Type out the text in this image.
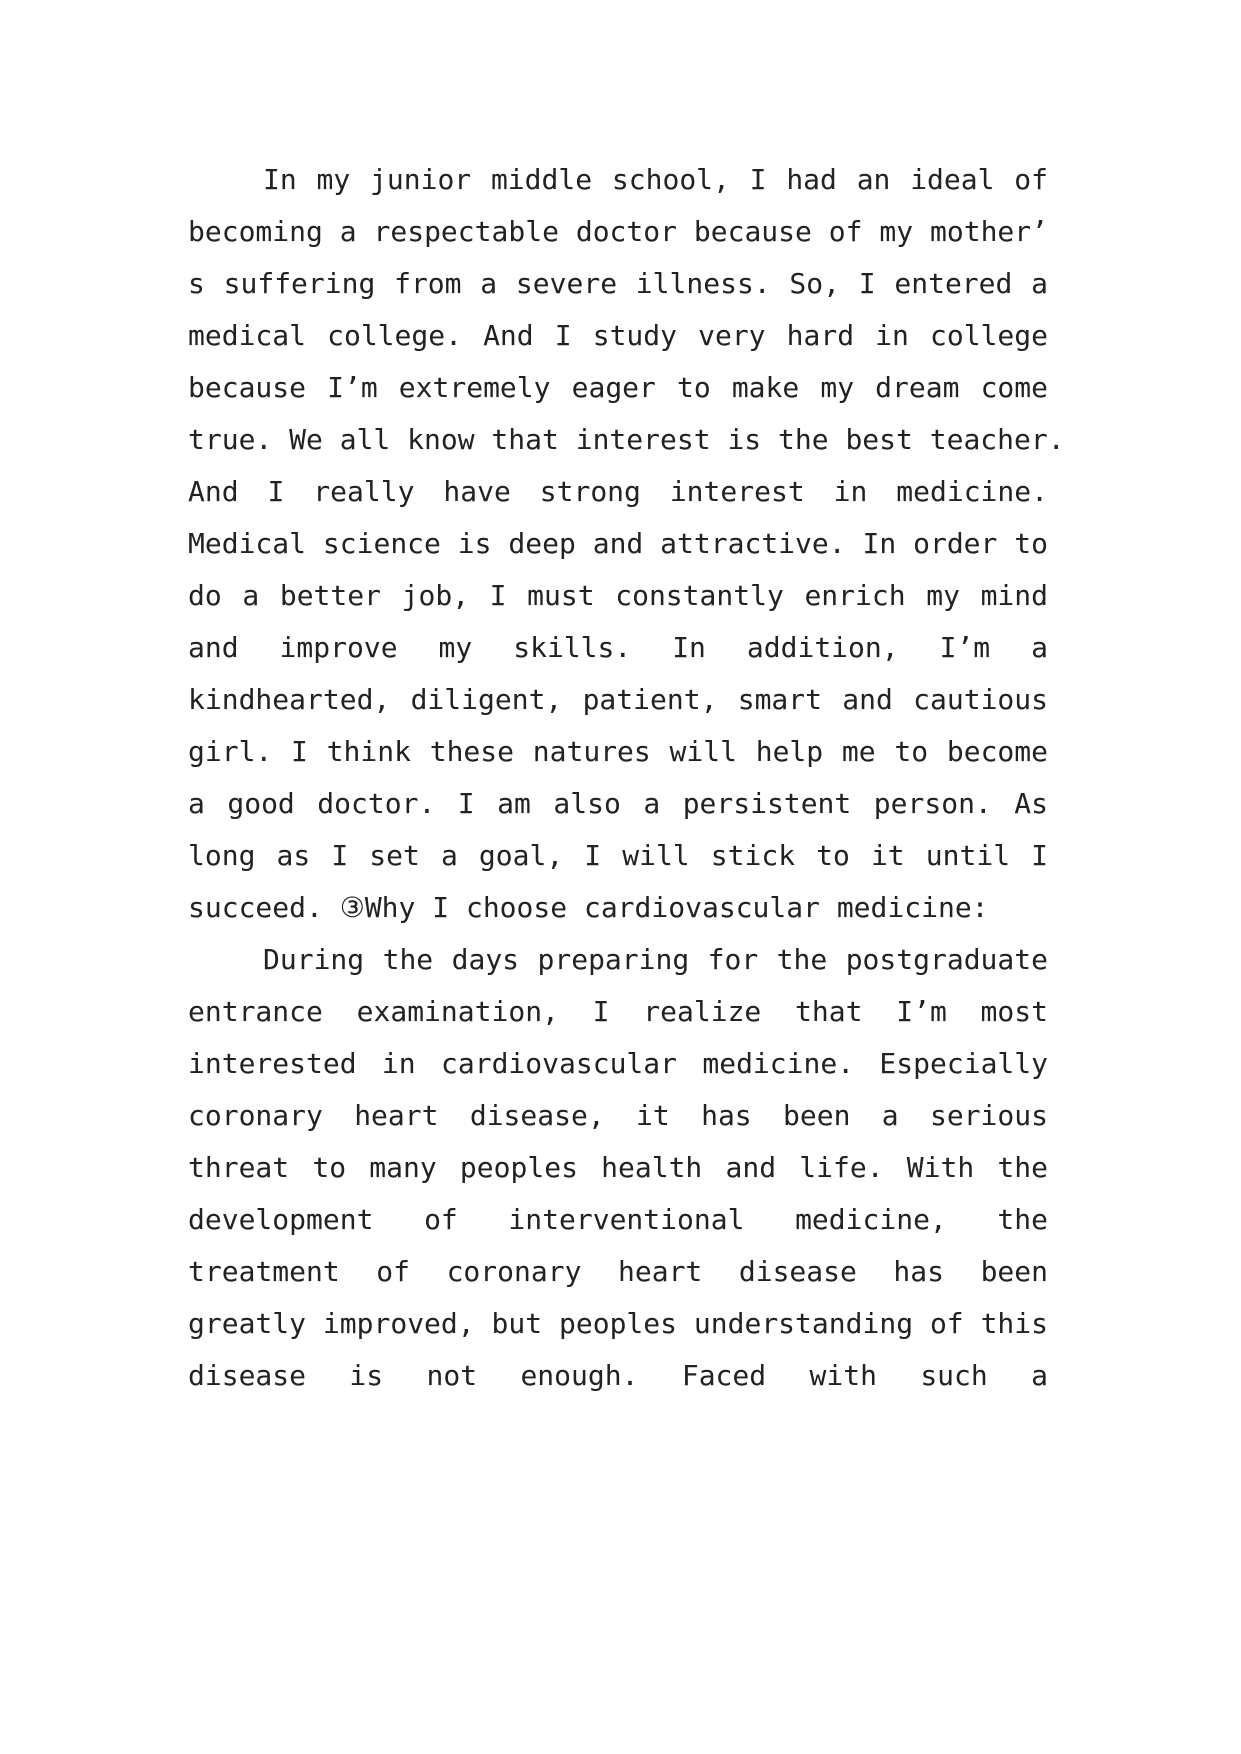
In my junior middle school, I had an ideal of
becoming a respectable doctor because of my mother’
s suffering from a severe illness. So, I entered a
medical college. And I study very hard in college
because I’m extremely eager to make my dream come
true. We all know that interest is the best teacher.
And I really have strong interest in medicine.
Medical science is deep and attractive. In order to
do a better job, I must constantly enrich my mind
and improve my skills. In addition, I’m a
kindhearted, diligent, patient, smart and cautious
girl. I think these natures will help me to become
a good doctor. I am also a persistent person. As
long as I set a goal, I will stick to it until I
succeed. ③Why I choose cardiovascular medicine:
During the days preparing for the postgraduate
entrance examination, I realize that I’m most
interested in cardiovascular medicine. Especially
coronary heart disease, it has been a serious
threat to many peoples health and life. With the
development of interventional medicine, the
treatment of coronary heart disease has been
greatly improved, but peoples understanding of this
disease is not enough. Faced with such a
